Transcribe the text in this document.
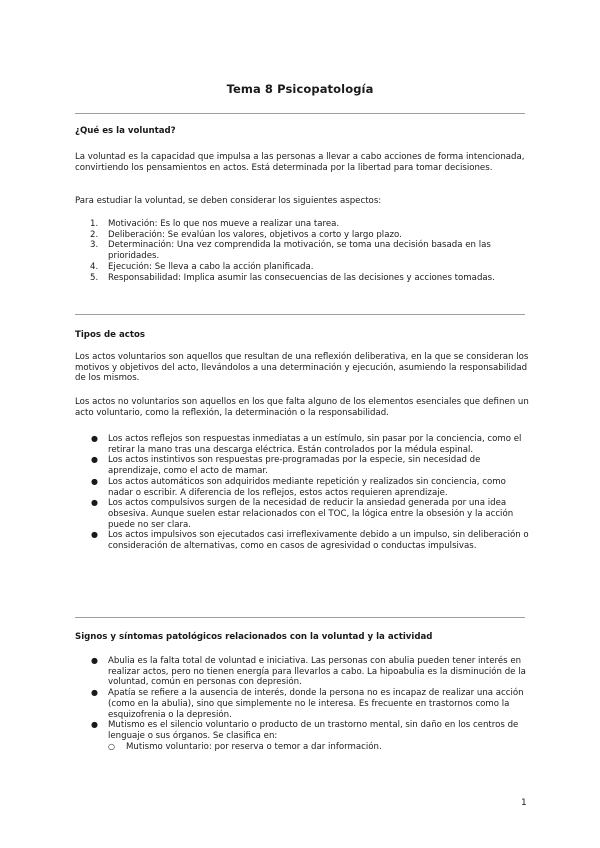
Tema 8 Psicopatología
¿Qué es la voluntad?
La voluntad es la capacidad que impulsa a las personas a llevar a cabo acciones de forma intencionada, convirtiendo los pensamientos en actos. Está determinada por la libertad para tomar decisiones.
Para estudiar la voluntad, se deben considerar los siguientes aspectos:
1. Motivación: Es lo que nos mueve a realizar una tarea.
2. Deliberación: Se evalúan los valores, objetivos a corto y largo plazo.
3. Determinación: Una vez comprendida la motivación, se toma una decisión basada en las prioridades.
4. Ejecución: Se lleva a cabo la acción planificada.
5. Responsabilidad: Implica asumir las consecuencias de las decisiones y acciones tomadas.
Tipos de actos
Los actos voluntarios son aquellos que resultan de una reflexión deliberativa, en la que se consideran los motivos y objetivos del acto, llevándolos a una determinación y ejecución, asumiendo la responsabilidad de los mismos.
Los actos no voluntarios son aquellos en los que falta alguno de los elementos esenciales que definen un acto voluntario, como la reflexión, la determinación o la responsabilidad.
● Los actos reflejos son respuestas inmediatas a un estímulo, sin pasar por la conciencia, como el retirar la mano tras una descarga eléctrica. Están controlados por la médula espinal.
● Los actos instintivos son respuestas pre-programadas por la especie, sin necesidad de aprendizaje, como el acto de mamar.
● Los actos automáticos son adquiridos mediante repetición y realizados sin conciencia, como nadar o escribir. A diferencia de los reflejos, estos actos requieren aprendizaje.
● Los actos compulsivos surgen de la necesidad de reducir la ansiedad generada por una idea obsesiva. Aunque suelen estar relacionados con el TOC, la lógica entre la obsesión y la acción puede no ser clara.
● Los actos impulsivos son ejecutados casi irreflexivamente debido a un impulso, sin deliberación o consideración de alternativas, como en casos de agresividad o conductas impulsivas.
Signos y síntomas patológicos relacionados con la voluntad y la actividad
● Abulia es la falta total de voluntad e iniciativa. Las personas con abulia pueden tener interés en realizar actos, pero no tienen energía para llevarlos a cabo. La hipoabulia es la disminución de la voluntad, común en personas con depresión.
● Apatía se refiere a la ausencia de interés, donde la persona no es incapaz de realizar una acción (como en la abulia), sino que simplemente no le interesa. Es frecuente en trastornos como la esquizofrenia o la depresión.
● Mutismo es el silencio voluntario o producto de un trastorno mental, sin daño en los centros de lenguaje o sus órganos. Se clasifica en:
○ Mutismo voluntario: por reserva o temor a dar información.
1
